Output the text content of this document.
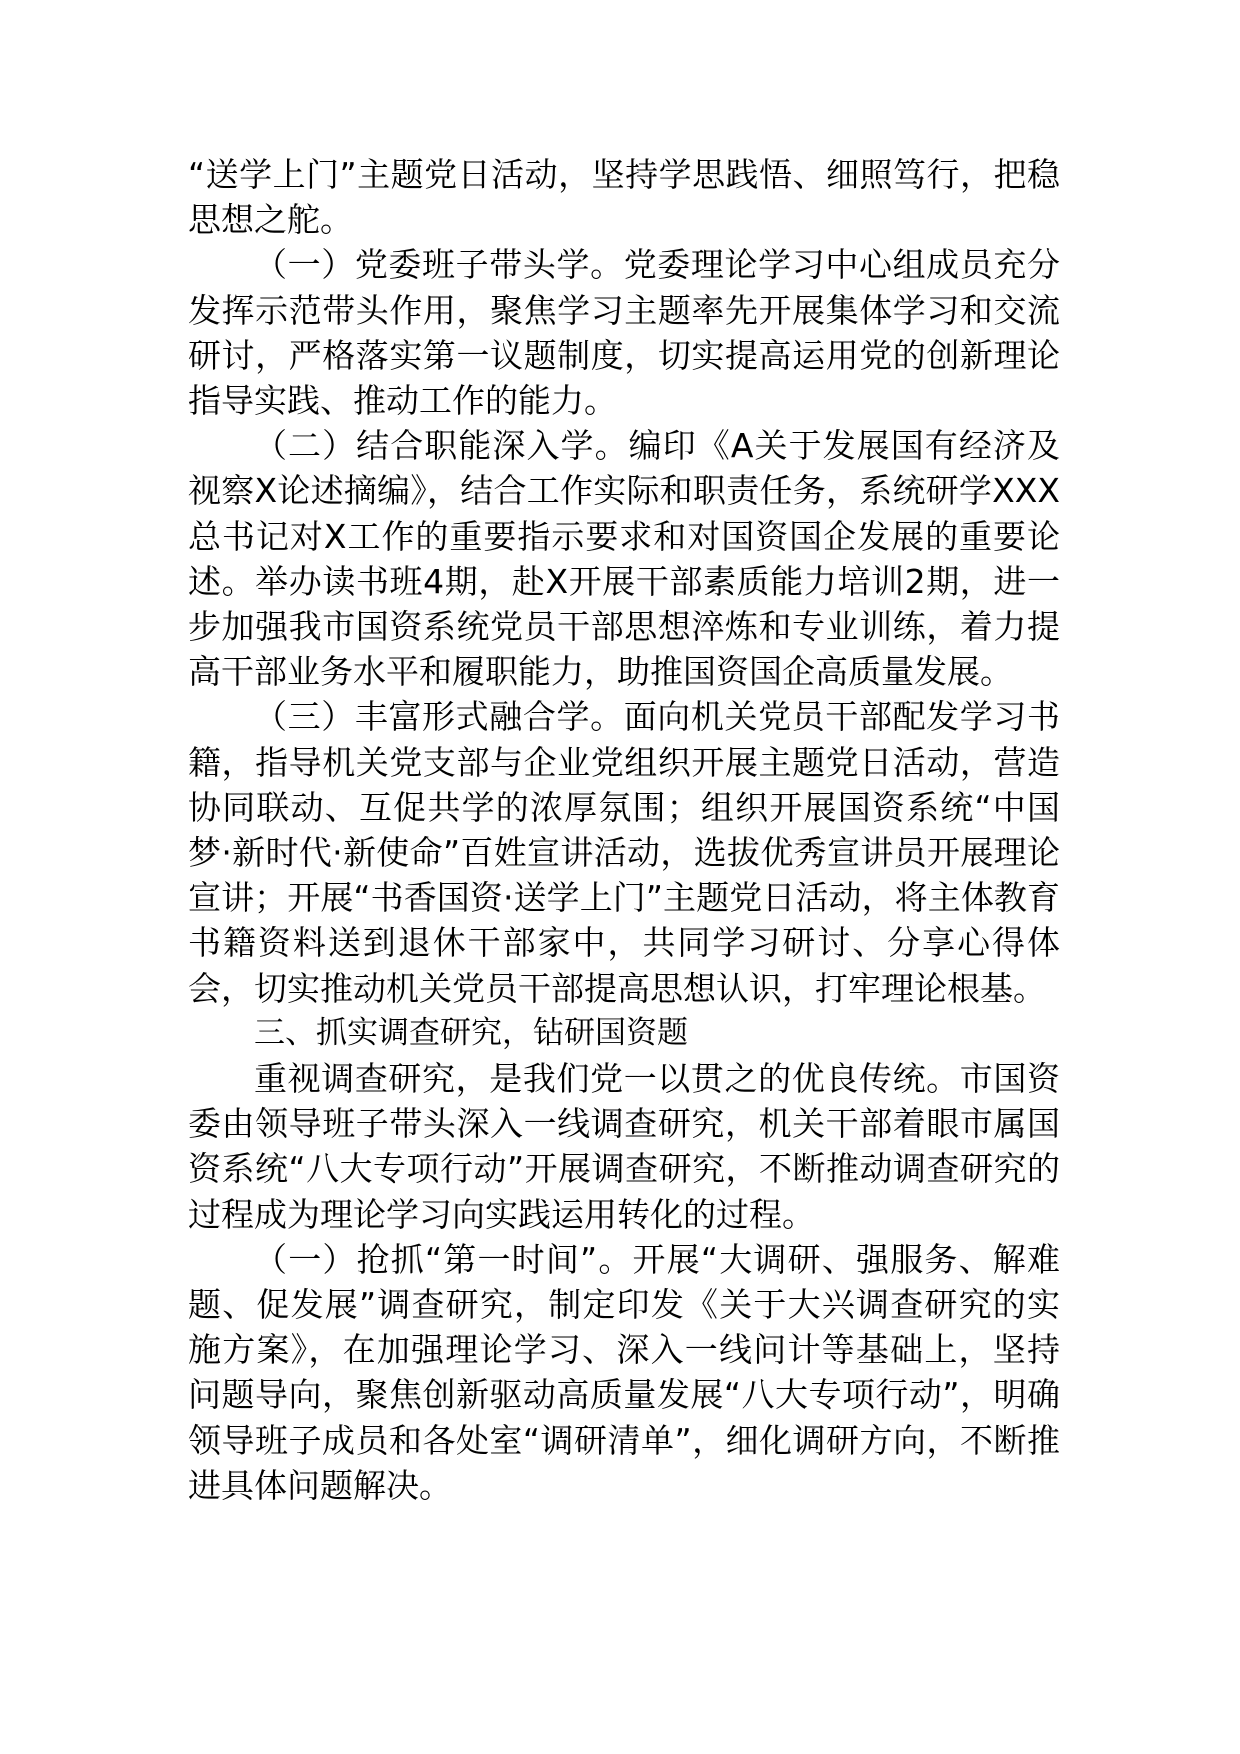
“送学上门”主题党日活动，坚持学思践悟、细照笃行，把稳思想之舵。

（一）党委班子带头学。党委理论学习中心组成员充分发挥示范带头作用，聚焦学习主题率先开展集体学习和交流研讨，严格落实第一议题制度，切实提高运用党的创新理论指导实践、推动工作的能力。

（二）结合职能深入学。编印《A关于发展国有经济及视察X论述摘编》，结合工作实际和职责任务，系统研学XXX总书记对X工作的重要指示要求和对国资国企发展的重要论述。举办读书班4期，赴X开展干部素质能力培训2期，进一步加强我市国资系统党员干部思想淬炼和专业训练，着力提高干部业务水平和履职能力，助推国资国企高质量发展。

（三）丰富形式融合学。面向机关党员干部配发学习书籍，指导机关党支部与企业党组织开展主题党日活动，营造协同联动、互促共学的浓厚氛围；组织开展国资系统“中国梦·新时代·新使命”百姓宣讲活动，选拔优秀宣讲员开展理论宣讲；开展“书香国资·送学上门”主题党日活动，将主体教育书籍资料送到退休干部家中，共同学习研讨、分享心得体会，切实推动机关党员干部提高思想认识，打牢理论根基。

三、抓实调查研究，钻研国资题

重视调查研究，是我们党一以贯之的优良传统。市国资委由领导班子带头深入一线调查研究，机关干部着眼市属国资系统“八大专项行动”开展调查研究，不断推动调查研究的过程成为理论学习向实践运用转化的过程。

（一）抢抓“第一时间”。开展“大调研、强服务、解难题、促发展”调查研究，制定印发《关于大兴调查研究的实施方案》，在加强理论学习、深入一线问计等基础上，坚持问题导向，聚焦创新驱动高质量发展“八大专项行动”，明确领导班子成员和各处室“调研清单”，细化调研方向，不断推进具体问题解决。
